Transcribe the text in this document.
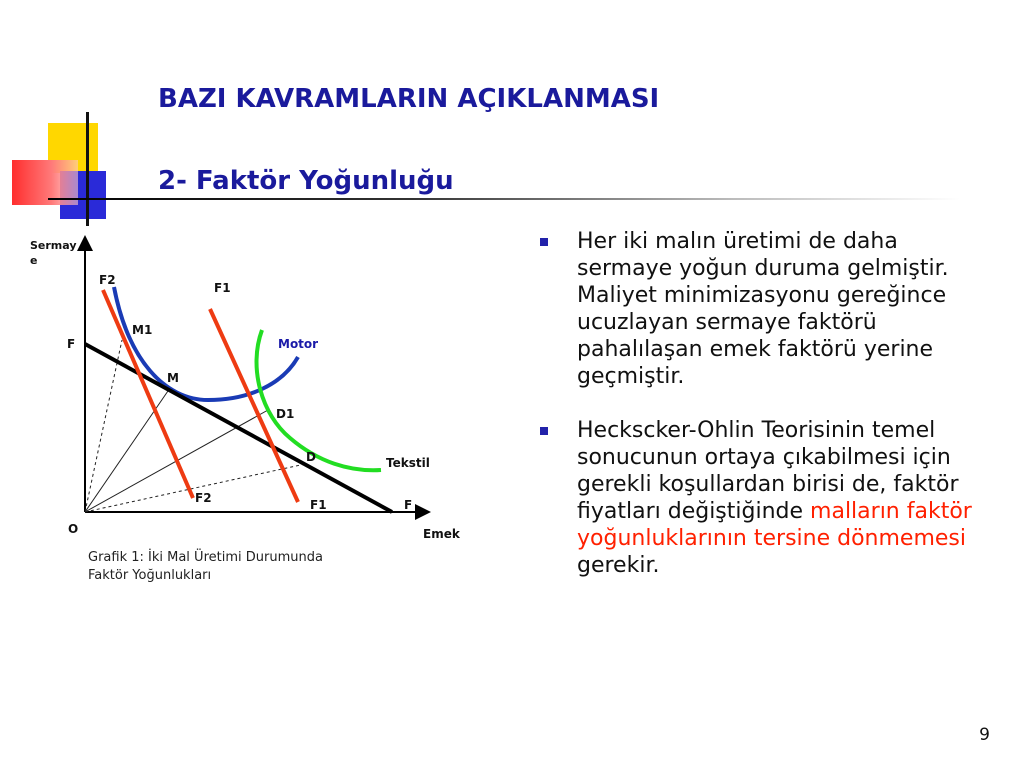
BAZI KAVRAMLARIN AÇIKLANMASI
2- Faktör Yoğunluğu
Sermay
e
F2
F1
M1
F	Motor
M
D1
D	Tekstil
F2	F1	F
O	Emek
Grafik 1: İki Mal Üretimi Durumunda
Faktör Yoğunlukları
Her iki malın üretimi de daha sermaye yoğun duruma gelmiştir. Maliyet minimizasyonu gereğince ucuzlayan sermaye faktörü pahalılaşan emek faktörü yerine geçmiştir.
Heckscker-Ohlin Teorisinin temel sonucunun ortaya çıkabilmesi için gerekli koşullardan birisi de, faktör fiyatları değiştiğinde malların faktör yoğunluklarının tersine dönmemesi gerekir.
9
